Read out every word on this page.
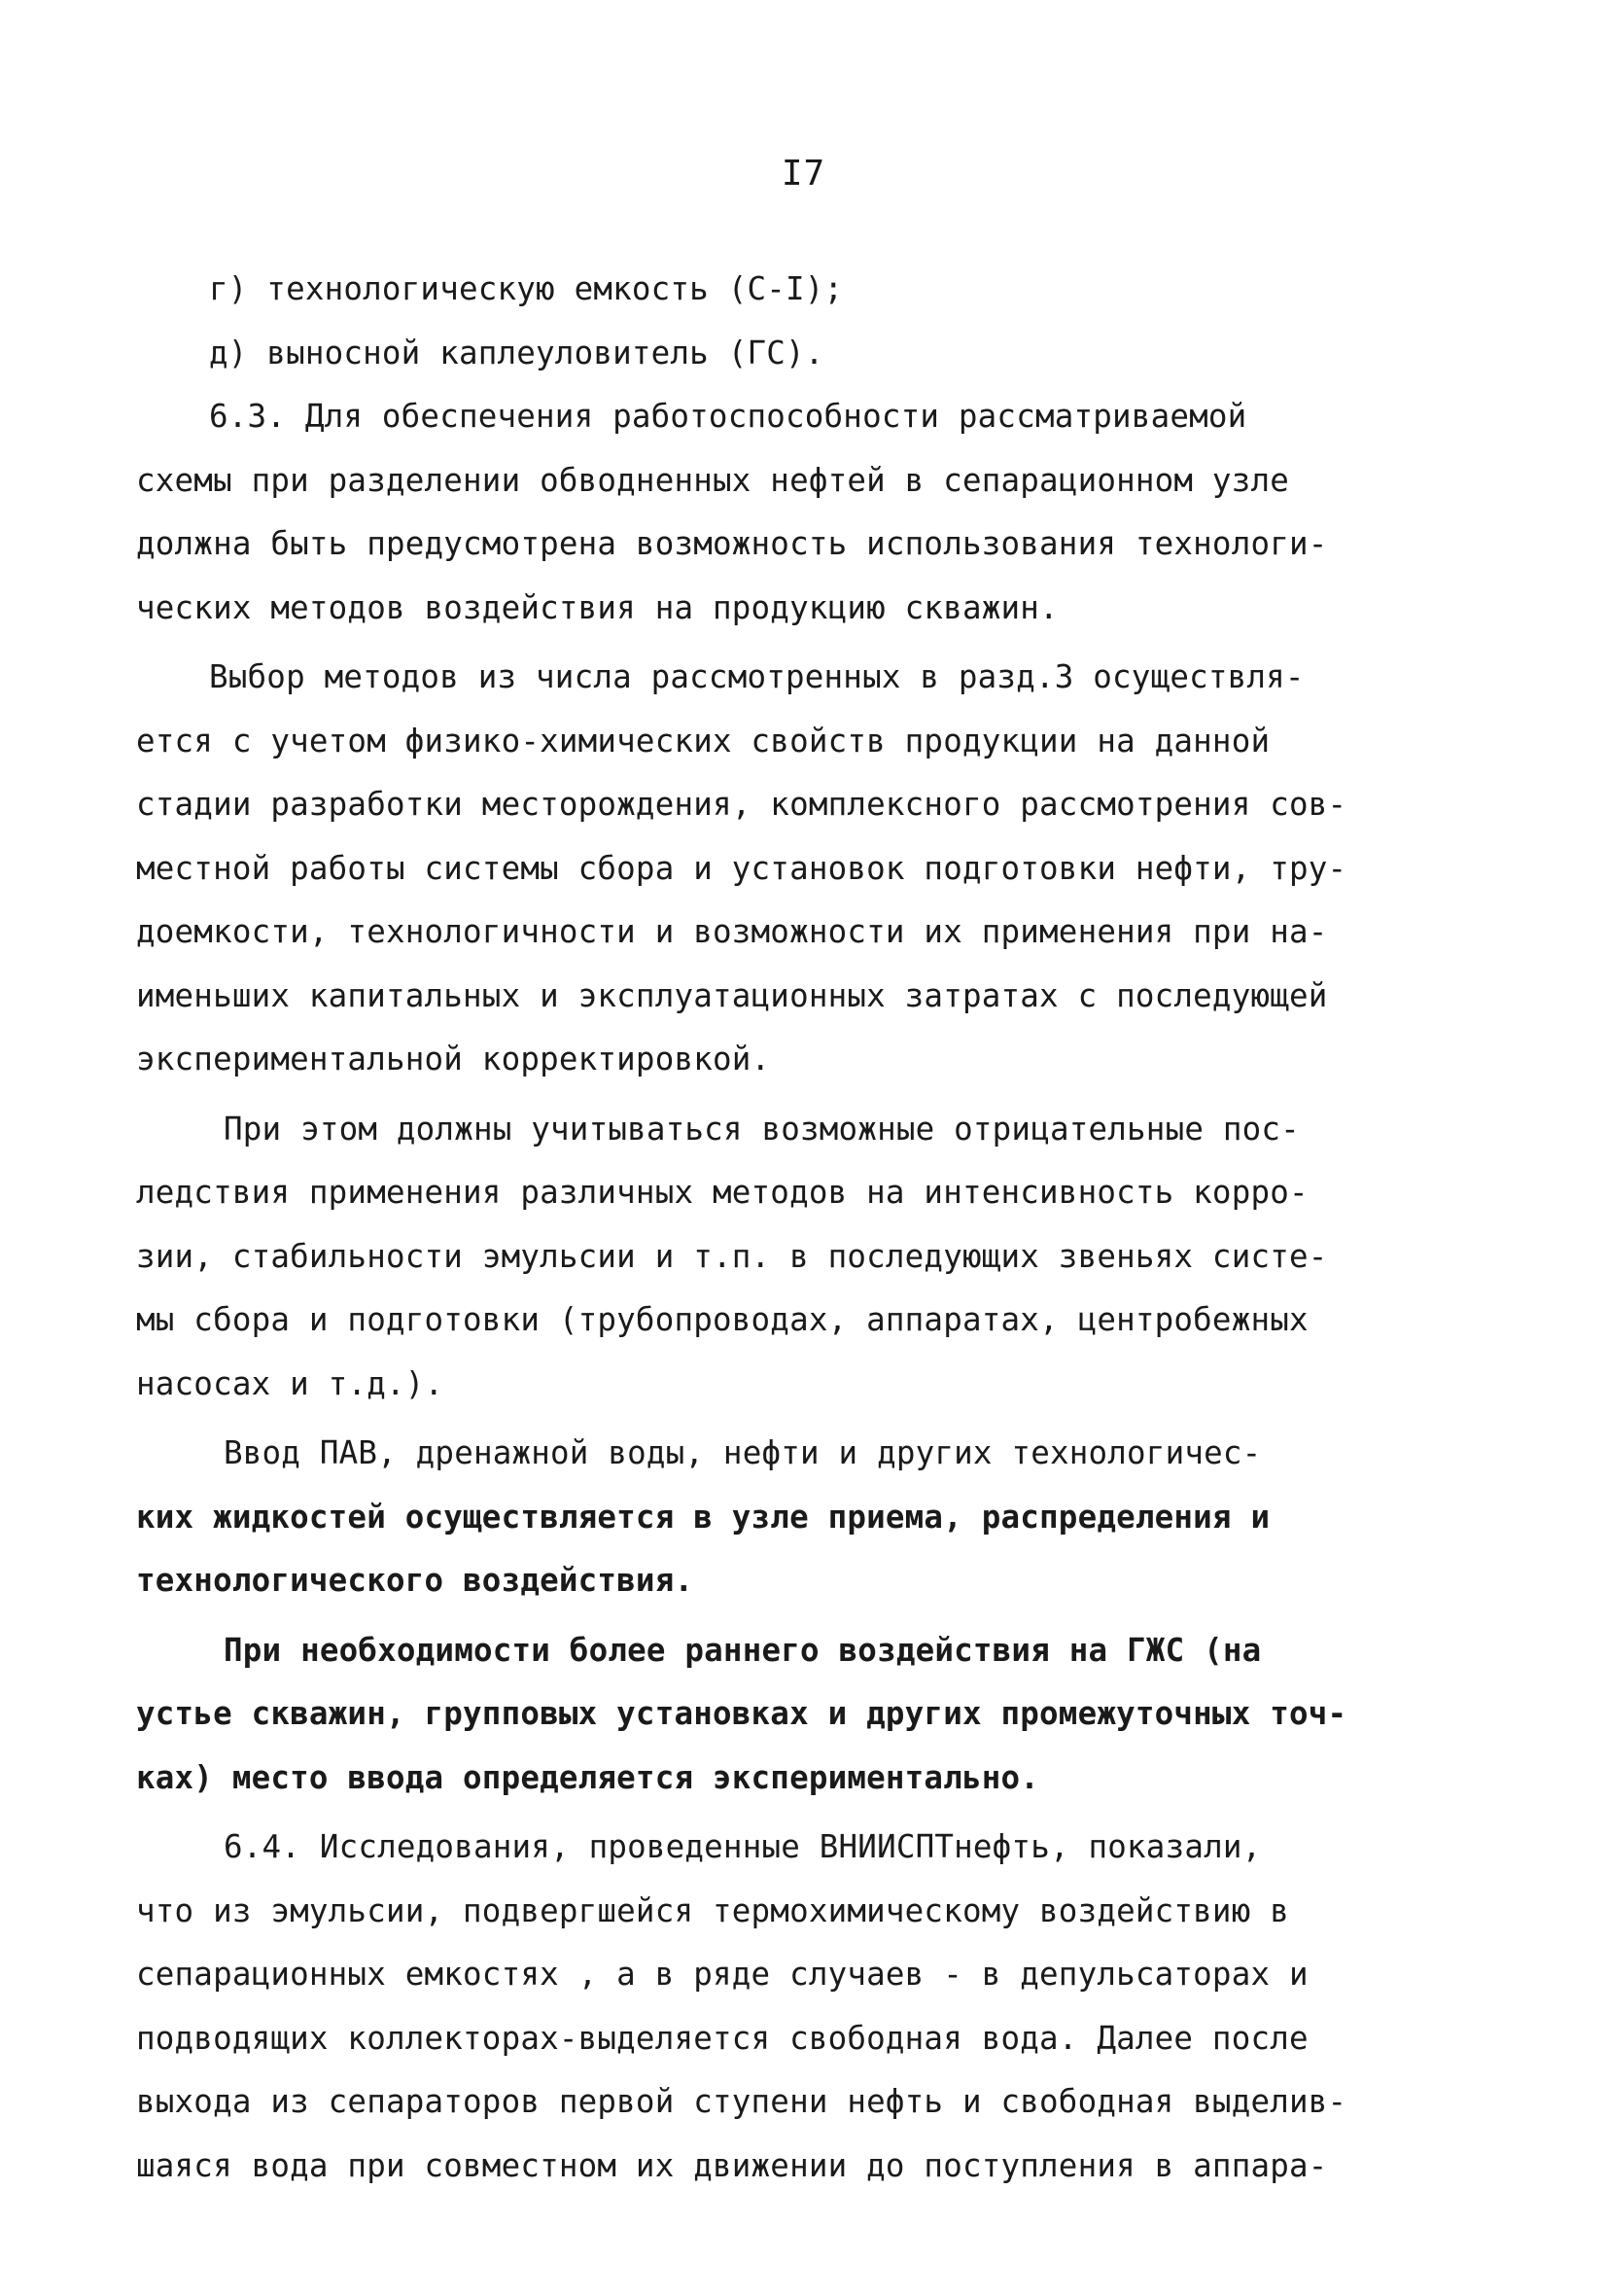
I7
г) технологическую емкость (С-I);
д) выносной каплеуловитель (ГС).
6.3. Для обеспечения работоспособности рассматриваемой
схемы при разделении обводненных нефтей в сепарационном узле
должна быть предусмотрена возможность использования технологи-
ческих методов воздействия на продукцию скважин.
Выбор методов из числа рассмотренных в разд.3 осуществля-
ется с учетом физико-химических свойств продукции на данной
стадии разработки месторождения, комплексного рассмотрения сов-
местной работы системы сбора и установок подготовки нефти, тру-
доемкости, технологичности и возможности их применения при на-
именьших капитальных и эксплуатационных затратах с последующей
экспериментальной корректировкой.
При этом должны учитываться возможные отрицательные пос-
ледствия применения различных методов на интенсивность корро-
зии, стабильности эмульсии и т.п. в последующих звеньях систе-
мы сбора и подготовки (трубопроводах, аппаратах, центробежных
насосах и т.д.).
Ввод ПАВ, дренажной воды, нефти и других технологичес-
ких жидкостей осуществляется в узле приема, распределения и
технологического воздействия.
При необходимости более раннего воздействия на ГЖС (на
устье скважин, групповых установках и других промежуточных точ-
ках) место ввода определяется экспериментально.
6.4. Исследования, проведенные ВНИИСПТнефть, показали,
что из эмульсии, подвергшейся термохимическому воздействию в
сепарационных емкостях , а в ряде случаев - в депульсаторах и
подводящих коллекторах-выделяется свободная вода. Далее после
выхода из сепараторов первой ступени нефть и свободная выделив-
шаяся вода при совместном их движении до поступления в аппара-
